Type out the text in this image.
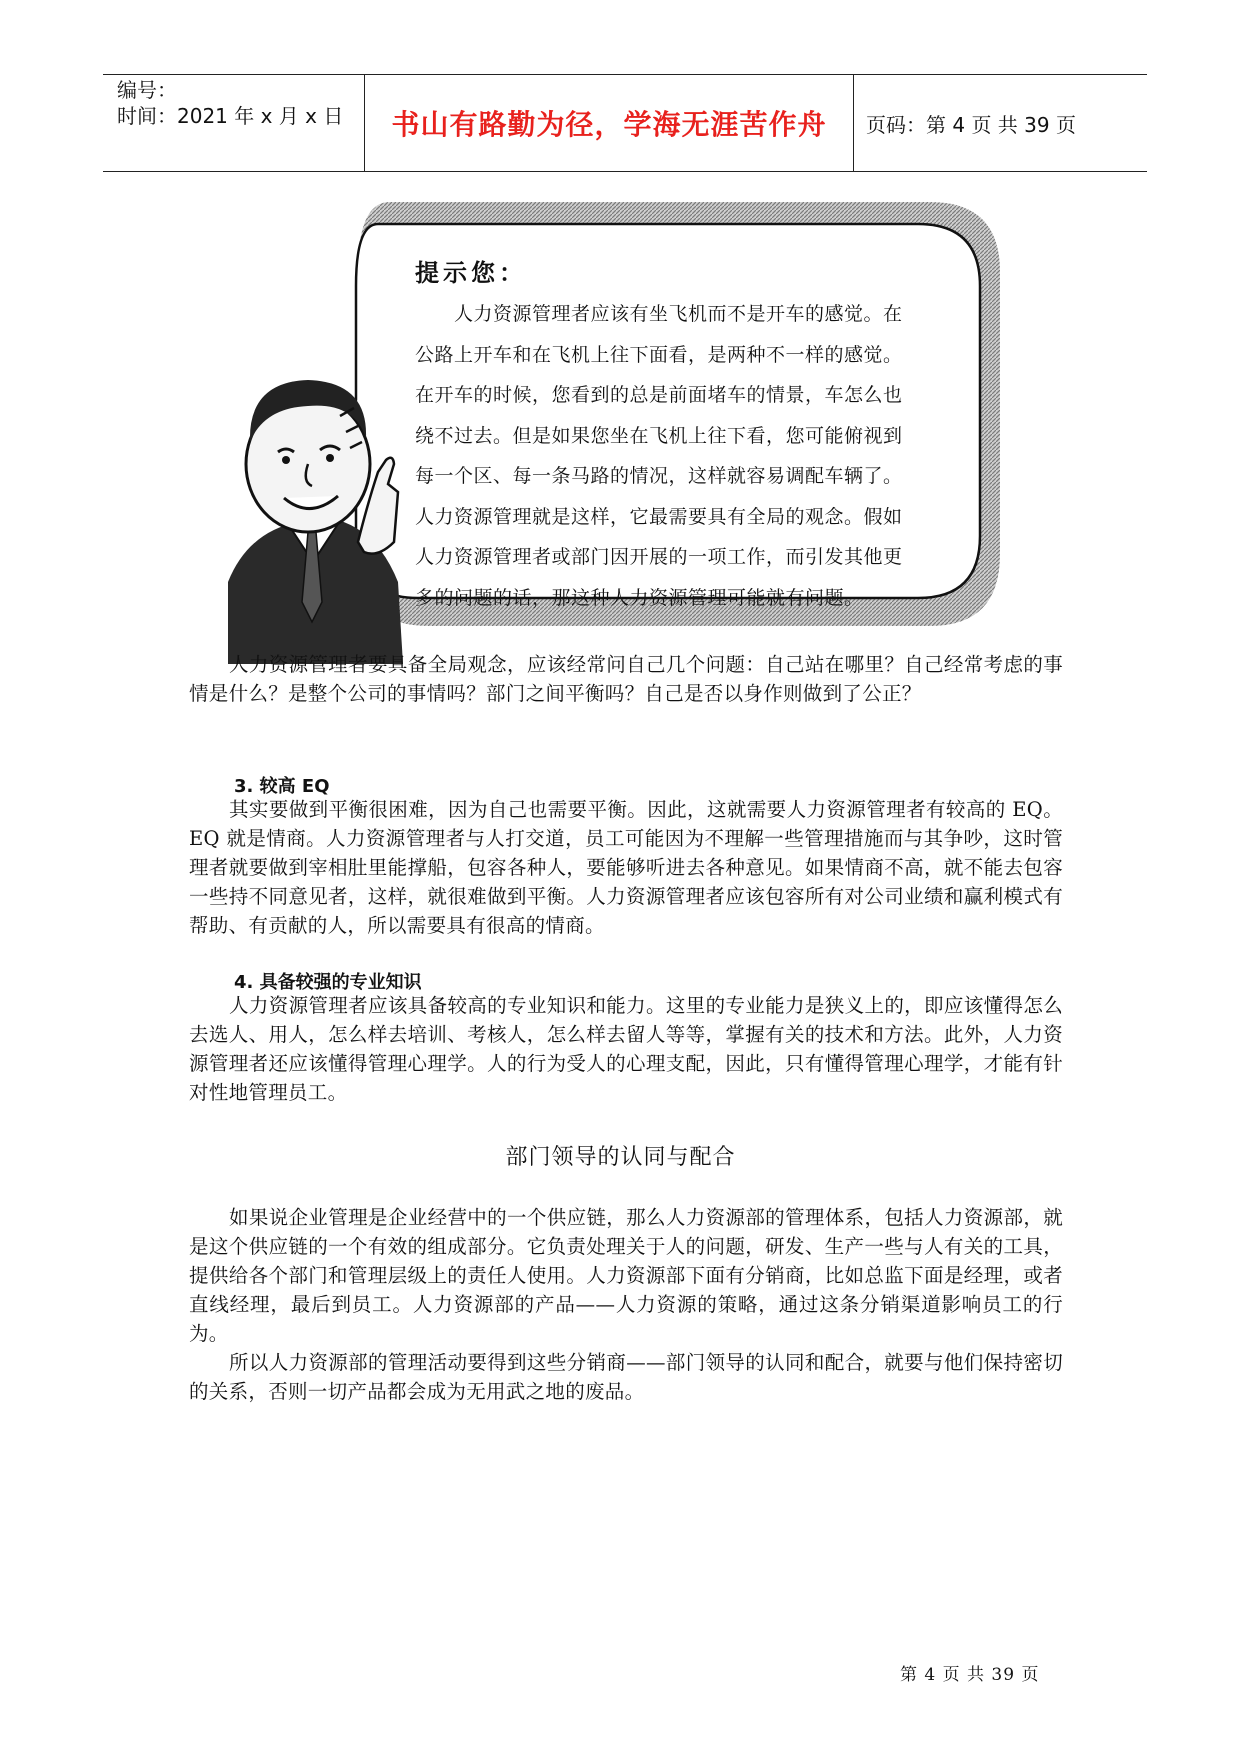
编号：
时间：2021 年 x 月 x 日	书山有路勤为径，学海无涯苦作舟	页码：第 4 页 共 39 页
提示您：
　　人力资源管理者应该有坐飞机而不是开车的感觉。在
公路上开车和在飞机上往下面看，是两种不一样的感觉。
在开车的时候，您看到的总是前面堵车的情景，车怎么也
绕不过去。但是如果您坐在飞机上往下看，您可能俯视到
每一个区、每一条马路的情况，这样就容易调配车辆了。
人力资源管理就是这样，它最需要具有全局的观念。假如
人力资源管理者或部门因开展的一项工作，而引发其他更
多的问题的话，那这种人力资源管理可能就有问题。
人力资源管理者要具备全局观念，应该经常问自己几个问题：自己站在哪里？自己经常考虑的事情是什么？是整个公司的事情吗？部门之间平衡吗？自己是否以身作则做到了公正？
3. 较高 EQ
其实要做到平衡很困难，因为自己也需要平衡。因此，这就需要人力资源管理者有较高的 EQ。EQ 就是情商。人力资源管理者与人打交道，员工可能因为不理解一些管理措施而与其争吵，这时管理者就要做到宰相肚里能撑船，包容各种人，要能够听进去各种意见。如果情商不高，就不能去包容一些持不同意见者，这样，就很难做到平衡。人力资源管理者应该包容所有对公司业绩和赢利模式有帮助、有贡献的人，所以需要具有很高的情商。
4. 具备较强的专业知识
人力资源管理者应该具备较高的专业知识和能力。这里的专业能力是狭义上的，即应该懂得怎么去选人、用人，怎么样去培训、考核人，怎么样去留人等等，掌握有关的技术和方法。此外，人力资源管理者还应该懂得管理心理学。人的行为受人的心理支配，因此，只有懂得管理心理学，才能有针对性地管理员工。
部门领导的认同与配合
如果说企业管理是企业经营中的一个供应链，那么人力资源部的管理体系，包括人力资源部，就是这个供应链的一个有效的组成部分。它负责处理关于人的问题，研发、生产一些与人有关的工具，提供给各个部门和管理层级上的责任人使用。人力资源部下面有分销商，比如总监下面是经理，或者直线经理，最后到员工。人力资源部的产品——人力资源的策略，通过这条分销渠道影响员工的行为。
所以人力资源部的管理活动要得到这些分销商——部门领导的认同和配合，就要与他们保持密切的关系，否则一切产品都会成为无用武之地的废品。
第 4 页 共 39 页
